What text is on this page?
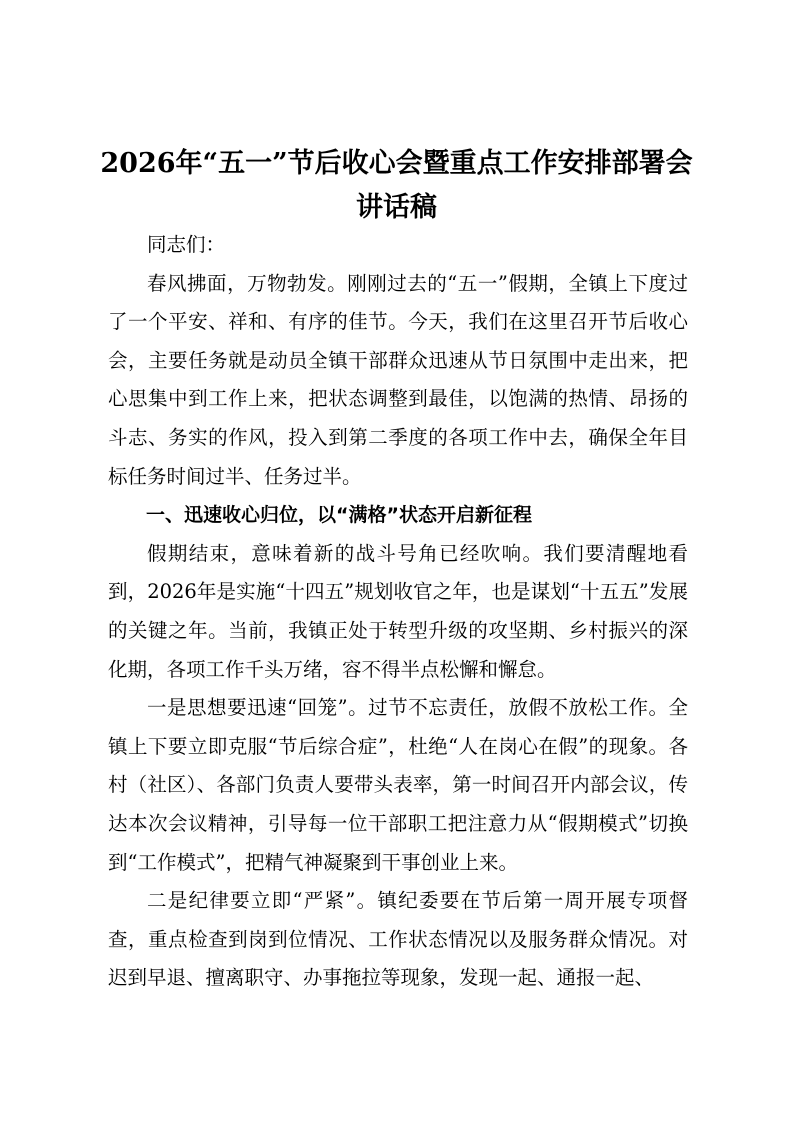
2026年“五一”节后收心会暨重点工作安排部署会讲话稿

同志们：

春风拂面，万物勃发。刚刚过去的“五一”假期，全镇上下度过了一个平安、祥和、有序的佳节。今天，我们在这里召开节后收心会，主要任务就是动员全镇干部群众迅速从节日氛围中走出来，把心思集中到工作上来，把状态调整到最佳，以饱满的热情、昂扬的斗志、务实的作风，投入到第二季度的各项工作中去，确保全年目标任务时间过半、任务过半。

一、迅速收心归位，以“满格”状态开启新征程

假期结束，意味着新的战斗号角已经吹响。我们要清醒地看到，2026年是实施“十四五”规划收官之年，也是谋划“十五五”发展的关键之年。当前，我镇正处于转型升级的攻坚期、乡村振兴的深化期，各项工作千头万绪，容不得半点松懈和懈怠。

一是思想要迅速“回笼”。过节不忘责任，放假不放松工作。全镇上下要立即克服“节后综合症”，杜绝“人在岗心在假”的现象。各村（社区）、各部门负责人要带头表率，第一时间召开内部会议，传达本次会议精神，引导每一位干部职工把注意力从“假期模式”切换到“工作模式”，把精气神凝聚到干事创业上来。

二是纪律要立即“严紧”。镇纪委要在节后第一周开展专项督查，重点检查到岗到位情况、工作状态情况以及服务群众情况。对迟到早退、擅离职守、办事拖拉等现象，发现一起、通报一起、
